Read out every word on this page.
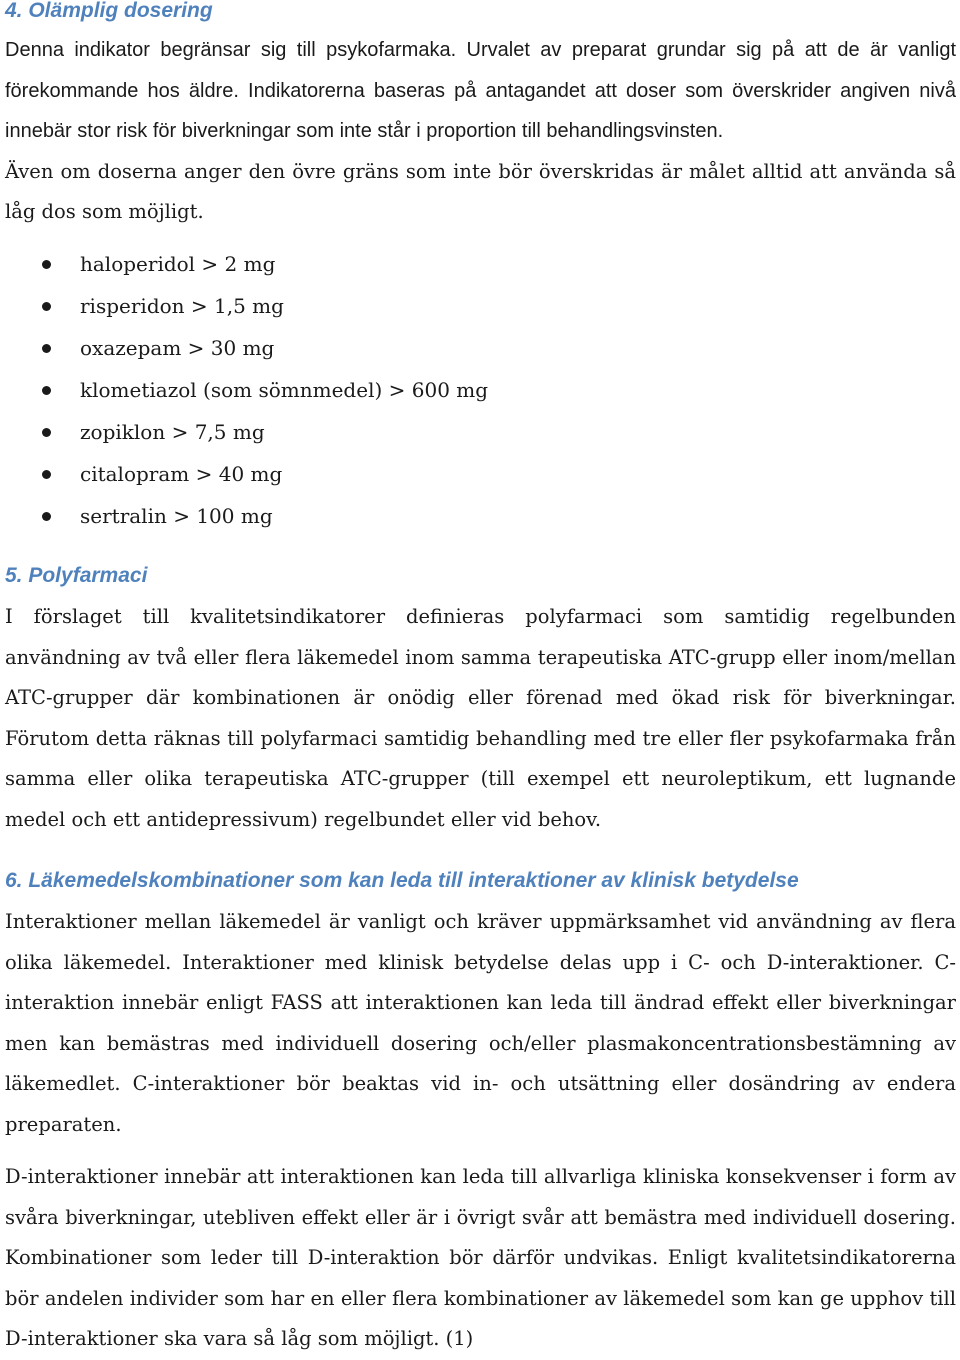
4. Olämplig dosering

Denna indikator begränsar sig till psykofarmaka. Urvalet av preparat grundar sig på att de är vanligt förekommande hos äldre. Indikatorerna baseras på antagandet att doser som överskrider angiven nivå innebär stor risk för biverkningar som inte står i proportion till behandlingsvinsten.

Även om doserna anger den övre gräns som inte bör överskridas är målet alltid att använda så låg dos som möjligt.

haloperidol > 2 mg
risperidon > 1,5 mg
oxazepam > 30 mg
klometiazol (som sömnmedel) > 600 mg
zopiklon > 7,5 mg
citalopram > 40 mg
sertralin > 100 mg
5. Polyfarmaci

I förslaget till kvalitetsindikatorer definieras polyfarmaci som samtidig regelbunden användning av två eller flera läkemedel inom samma terapeutiska ATC-grupp eller inom/mellan ATC-grupper där kombinationen är onödig eller förenad med ökad risk för biverkningar. Förutom detta räknas till polyfarmaci samtidig behandling med tre eller fler psykofarmaka från samma eller olika terapeutiska ATC-grupper (till exempel ett neuroleptikum, ett lugnande medel och ett antidepressivum) regelbundet eller vid behov.

6. Läkemedelskombinationer som kan leda till interaktioner av klinisk betydelse

Interaktioner mellan läkemedel är vanligt och kräver uppmärksamhet vid användning av flera olika läkemedel. Interaktioner med klinisk betydelse delas upp i C- och D-interaktioner. C-interaktion innebär enligt FASS att interaktionen kan leda till ändrad effekt eller biverkningar men kan bemästras med individuell dosering och/eller plasmakoncentrationsbestämning av läkemedlet. C-interaktioner bör beaktas vid in- och utsättning eller dosändring av endera preparaten.

D-interaktioner innebär att interaktionen kan leda till allvarliga kliniska konsekvenser i form av svåra biverkningar, utebliven effekt eller är i övrigt svår att bemästra med individuell dosering. Kombinationer som leder till D-interaktion bör därför undvikas. Enligt kvalitetsindikatorerna bör andelen individer som har en eller flera kombinationer av läkemedel som kan ge upphov till D-interaktioner ska vara så låg som möjligt. (1)
